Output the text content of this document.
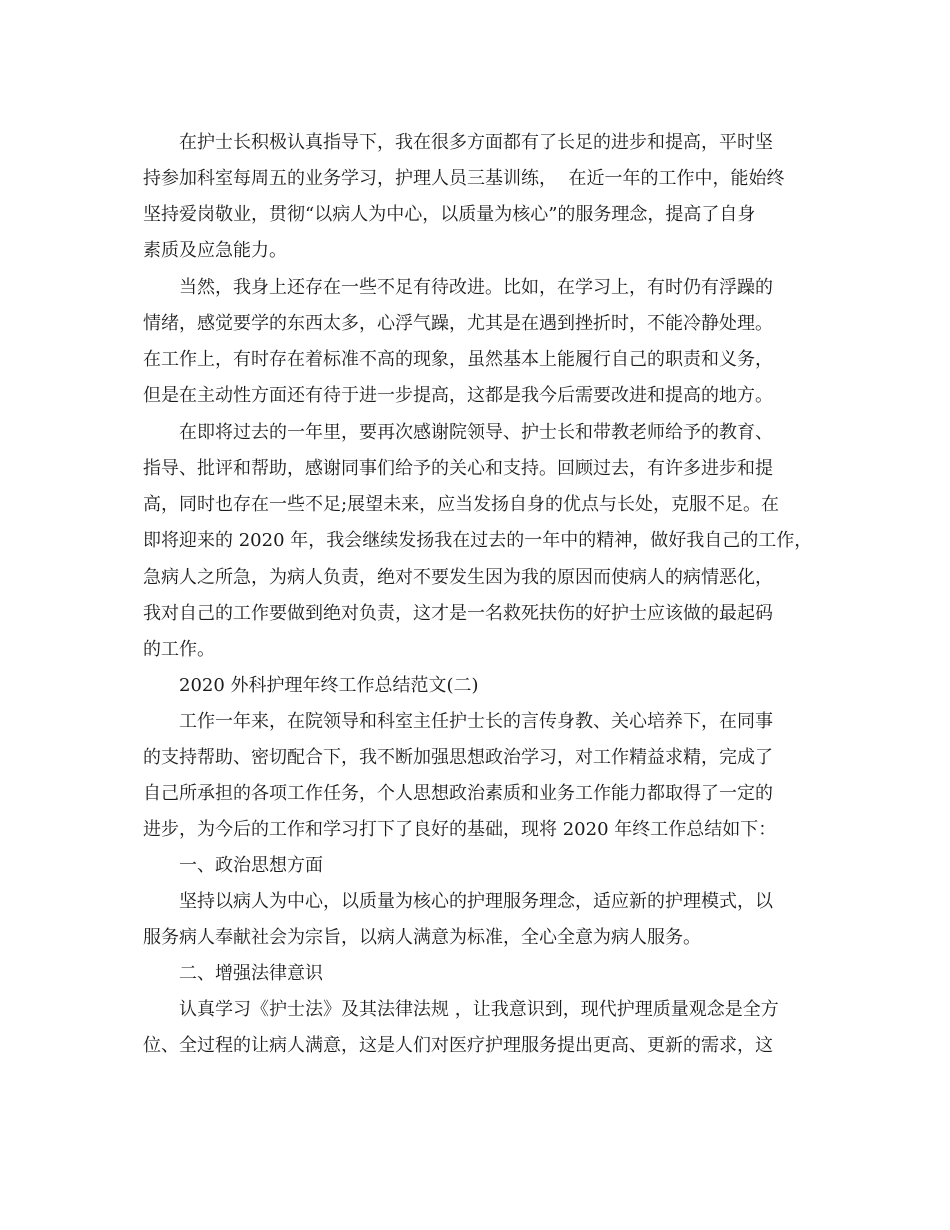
在护士长积极认真指导下，我在很多方面都有了长足的进步和提高，平时坚
持参加科室每周五的业务学习，护理人员三基训练，  在近一年的工作中，能始终
坚持爱岗敬业，贯彻“以病人为中心，以质量为核心”的服务理念，提高了自身
素质及应急能力。
当然，我身上还存在一些不足有待改进。比如，在学习上，有时仍有浮躁的
情绪，感觉要学的东西太多，心浮气躁，尤其是在遇到挫折时，不能冷静处理。
在工作上，有时存在着标准不高的现象，虽然基本上能履行自己的职责和义务，
但是在主动性方面还有待于进一步提高，这都是我今后需要改进和提高的地方。
在即将过去的一年里，要再次感谢院领导、护士长和带教老师给予的教育、
指导、批评和帮助，感谢同事们给予的关心和支持。回顾过去，有许多进步和提
高，同时也存在一些不足;展望未来，应当发扬自身的优点与长处，克服不足。在
即将迎来的 2020 年，我会继续发扬我在过去的一年中的精神，做好我自己的工作，
急病人之所急，为病人负责，绝对不要发生因为我的原因而使病人的病情恶化，
我对自己的工作要做到绝对负责，这才是一名救死扶伤的好护士应该做的最起码
的工作。
2020 外科护理年终工作总结范文(二)
工作一年来，在院领导和科室主任护士长的言传身教、关心培养下，在同事
的支持帮助、密切配合下，我不断加强思想政治学习，对工作精益求精，完成了
自己所承担的各项工作任务，个人思想政治素质和业务工作能力都取得了一定的
进步，为今后的工作和学习打下了良好的基础，现将 2020 年终工作总结如下：
一、政治思想方面
坚持以病人为中心，以质量为核心的护理服务理念，适应新的护理模式，以
服务病人奉献社会为宗旨，以病人满意为标准，全心全意为病人服务。
二、增强法律意识
认真学习《护士法》及其法律法规 ，让我意识到，现代护理质量观念是全方
位、全过程的让病人满意，这是人们对医疗护理服务提出更高、更新的需求，这
